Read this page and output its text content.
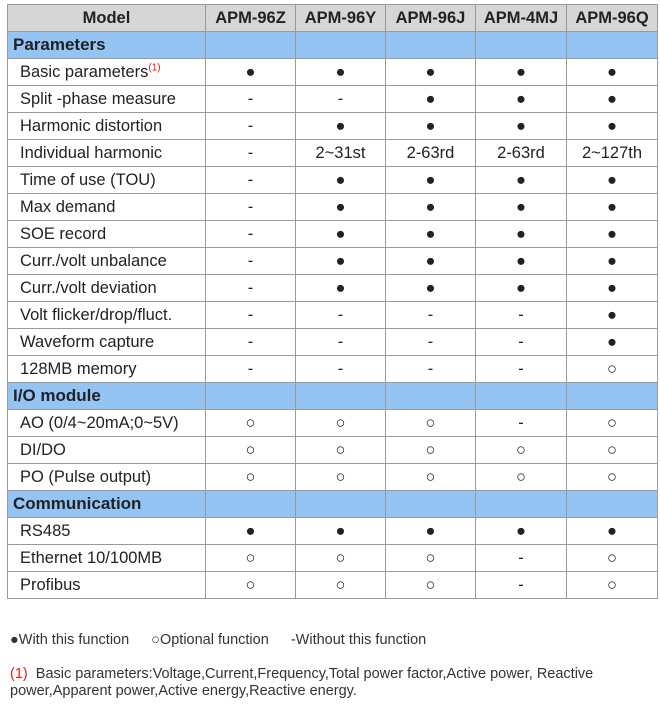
Model	APM-96Z	APM-96Y	APM-96J	APM-4MJ	APM-96Q
Parameters					
Basic parameters$^{(1)}$	●	●	●	●	●
Split -phase measure	-	-	●	●	●
Harmonic distortion	-	●	●	●	●
Individual harmonic	-	2~31st	2-63rd	2-63rd	2~127th
Time of use (TOU)	-	●	●	●	●
Max demand	-	●	●	●	●
SOE record	-	●	●	●	●
Curr./volt unbalance	-	●	●	●	●
Curr./volt deviation	-	●	●	●	●
Volt flicker/drop/fluct.	-	-	-	-	●
Waveform capture	-	-	-	-	●
128MB memory	-	-	-	-	○
I/O module					
AO (0/4~20mA;0~5V)	○	○	○	-	○
DI/DO	○	○	○	○	○
PO (Pulse output)	○	○	○	○	○
Communication					
RS485	●	●	●	●	●
Ethernet 10/100MB	○	○	○	-	○
Profibus	○	○	○	-	○
●With this function ○Optional function -Without this function
(1) Basic parameters:Voltage,Current,Frequency,Total power factor,Active power, Reactive power,Apparent power,Active energy,Reactive energy.
